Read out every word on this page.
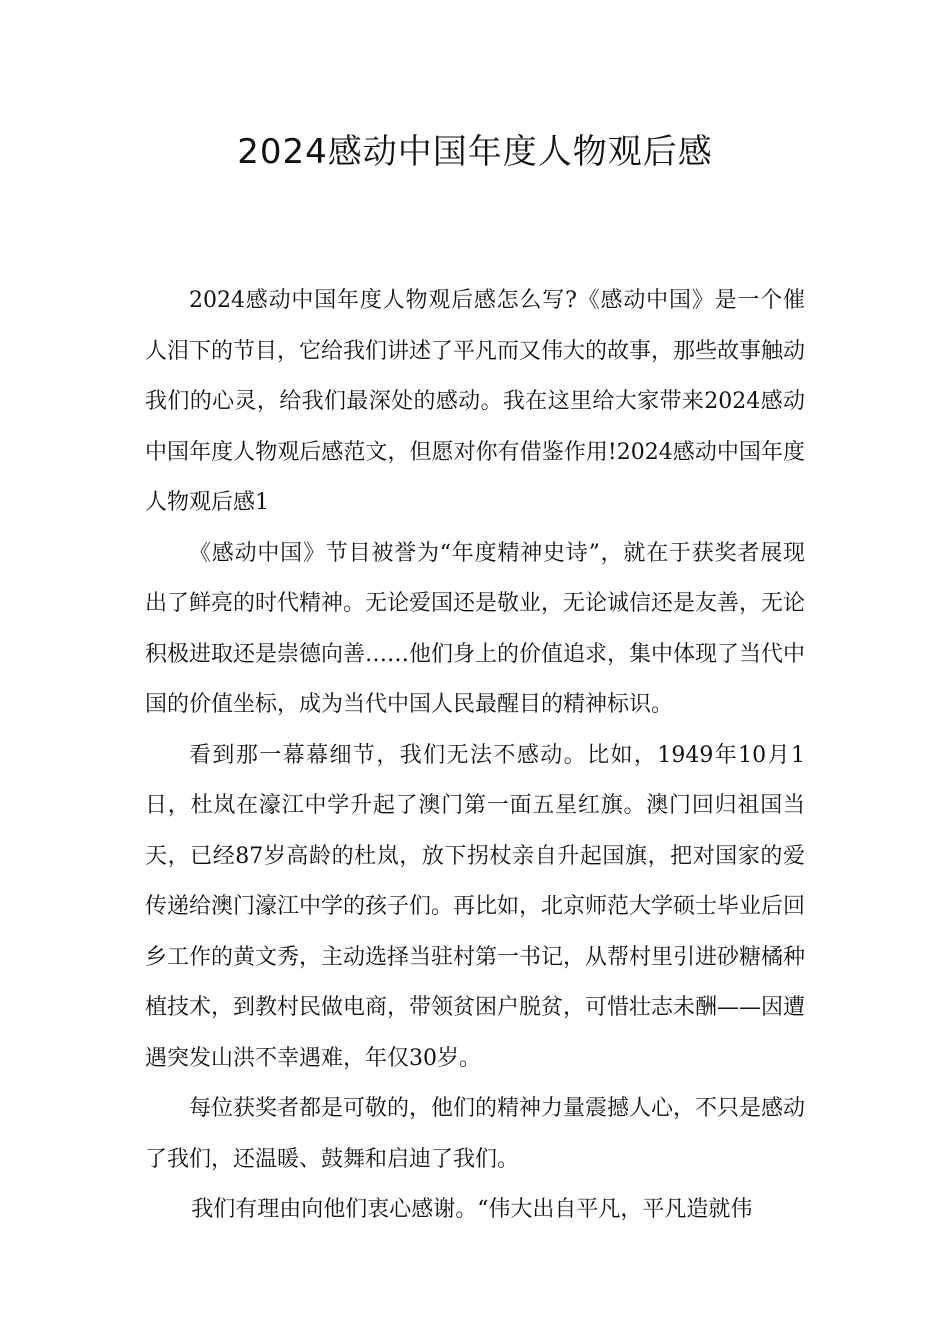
2024感动中国年度人物观后感

2024感动中国年度人物观后感怎么写?《感动中国》是一个催人泪下的节目，它给我们讲述了平凡而又伟大的故事，那些故事触动我们的心灵，给我们最深处的感动。我在这里给大家带来2024感动中国年度人物观后感范文，但愿对你有借鉴作用!2024感动中国年度人物观后感1

《感动中国》节目被誉为“年度精神史诗”，就在于获奖者展现出了鲜亮的时代精神。无论爱国还是敬业，无论诚信还是友善，无论积极进取还是崇德向善……他们身上的价值追求，集中体现了当代中国的价值坐标，成为当代中国人民最醒目的精神标识。

看到那一幕幕细节，我们无法不感动。比如，1949年10月1日，杜岚在濠江中学升起了澳门第一面五星红旗。澳门回归祖国当天，已经87岁高龄的杜岚，放下拐杖亲自升起国旗，把对国家的爱传递给澳门濠江中学的孩子们。再比如，北京师范大学硕士毕业后回乡工作的黄文秀，主动选择当驻村第一书记，从帮村里引进砂糖橘种植技术，到教村民做电商，带领贫困户脱贫，可惜壮志未酬——因遭遇突发山洪不幸遇难，年仅30岁。

每位获奖者都是可敬的，他们的精神力量震撼人心，不只是感动了我们，还温暖、鼓舞和启迪了我们。

我们有理由向他们衷心感谢。“伟大出自平凡，平凡造就伟
